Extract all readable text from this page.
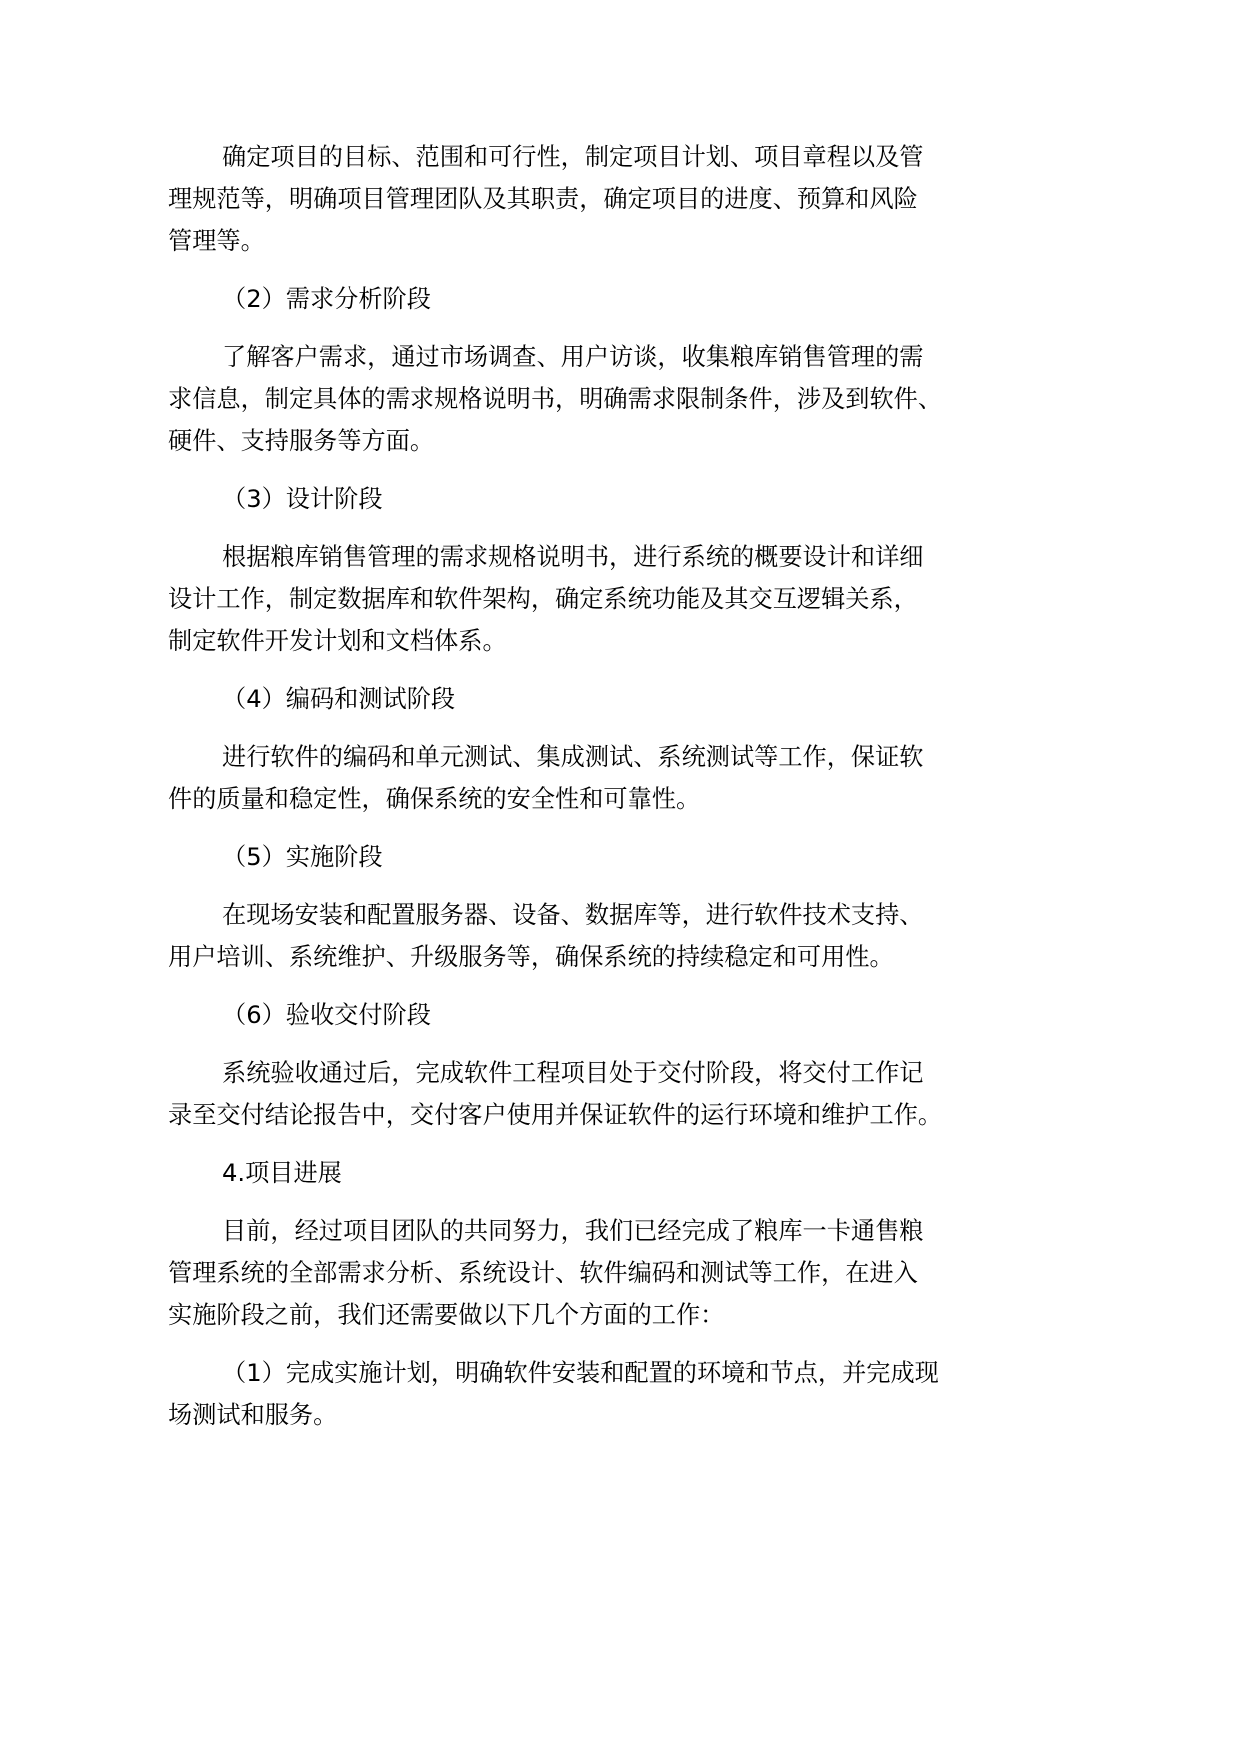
确定项目的目标、范围和可行性，制定项目计划、项目章程以及管
理规范等，明确项目管理团队及其职责，确定项目的进度、预算和风险
管理等。
（2）需求分析阶段
了解客户需求，通过市场调查、用户访谈，收集粮库销售管理的需
求信息，制定具体的需求规格说明书，明确需求限制条件，涉及到软件、
硬件、支持服务等方面。
（3）设计阶段
根据粮库销售管理的需求规格说明书，进行系统的概要设计和详细
设计工作，制定数据库和软件架构，确定系统功能及其交互逻辑关系，
制定软件开发计划和文档体系。
（4）编码和测试阶段
进行软件的编码和单元测试、集成测试、系统测试等工作，保证软
件的质量和稳定性，确保系统的安全性和可靠性。
（5）实施阶段
在现场安装和配置服务器、设备、数据库等，进行软件技术支持、
用户培训、系统维护、升级服务等，确保系统的持续稳定和可用性。
（6）验收交付阶段
系统验收通过后，完成软件工程项目处于交付阶段，将交付工作记
录至交付结论报告中，交付客户使用并保证软件的运行环境和维护工作。
4.项目进展
目前，经过项目团队的共同努力，我们已经完成了粮库一卡通售粮
管理系统的全部需求分析、系统设计、软件编码和测试等工作，在进入
实施阶段之前，我们还需要做以下几个方面的工作：
（1）完成实施计划，明确软件安装和配置的环境和节点，并完成现
场测试和服务。
